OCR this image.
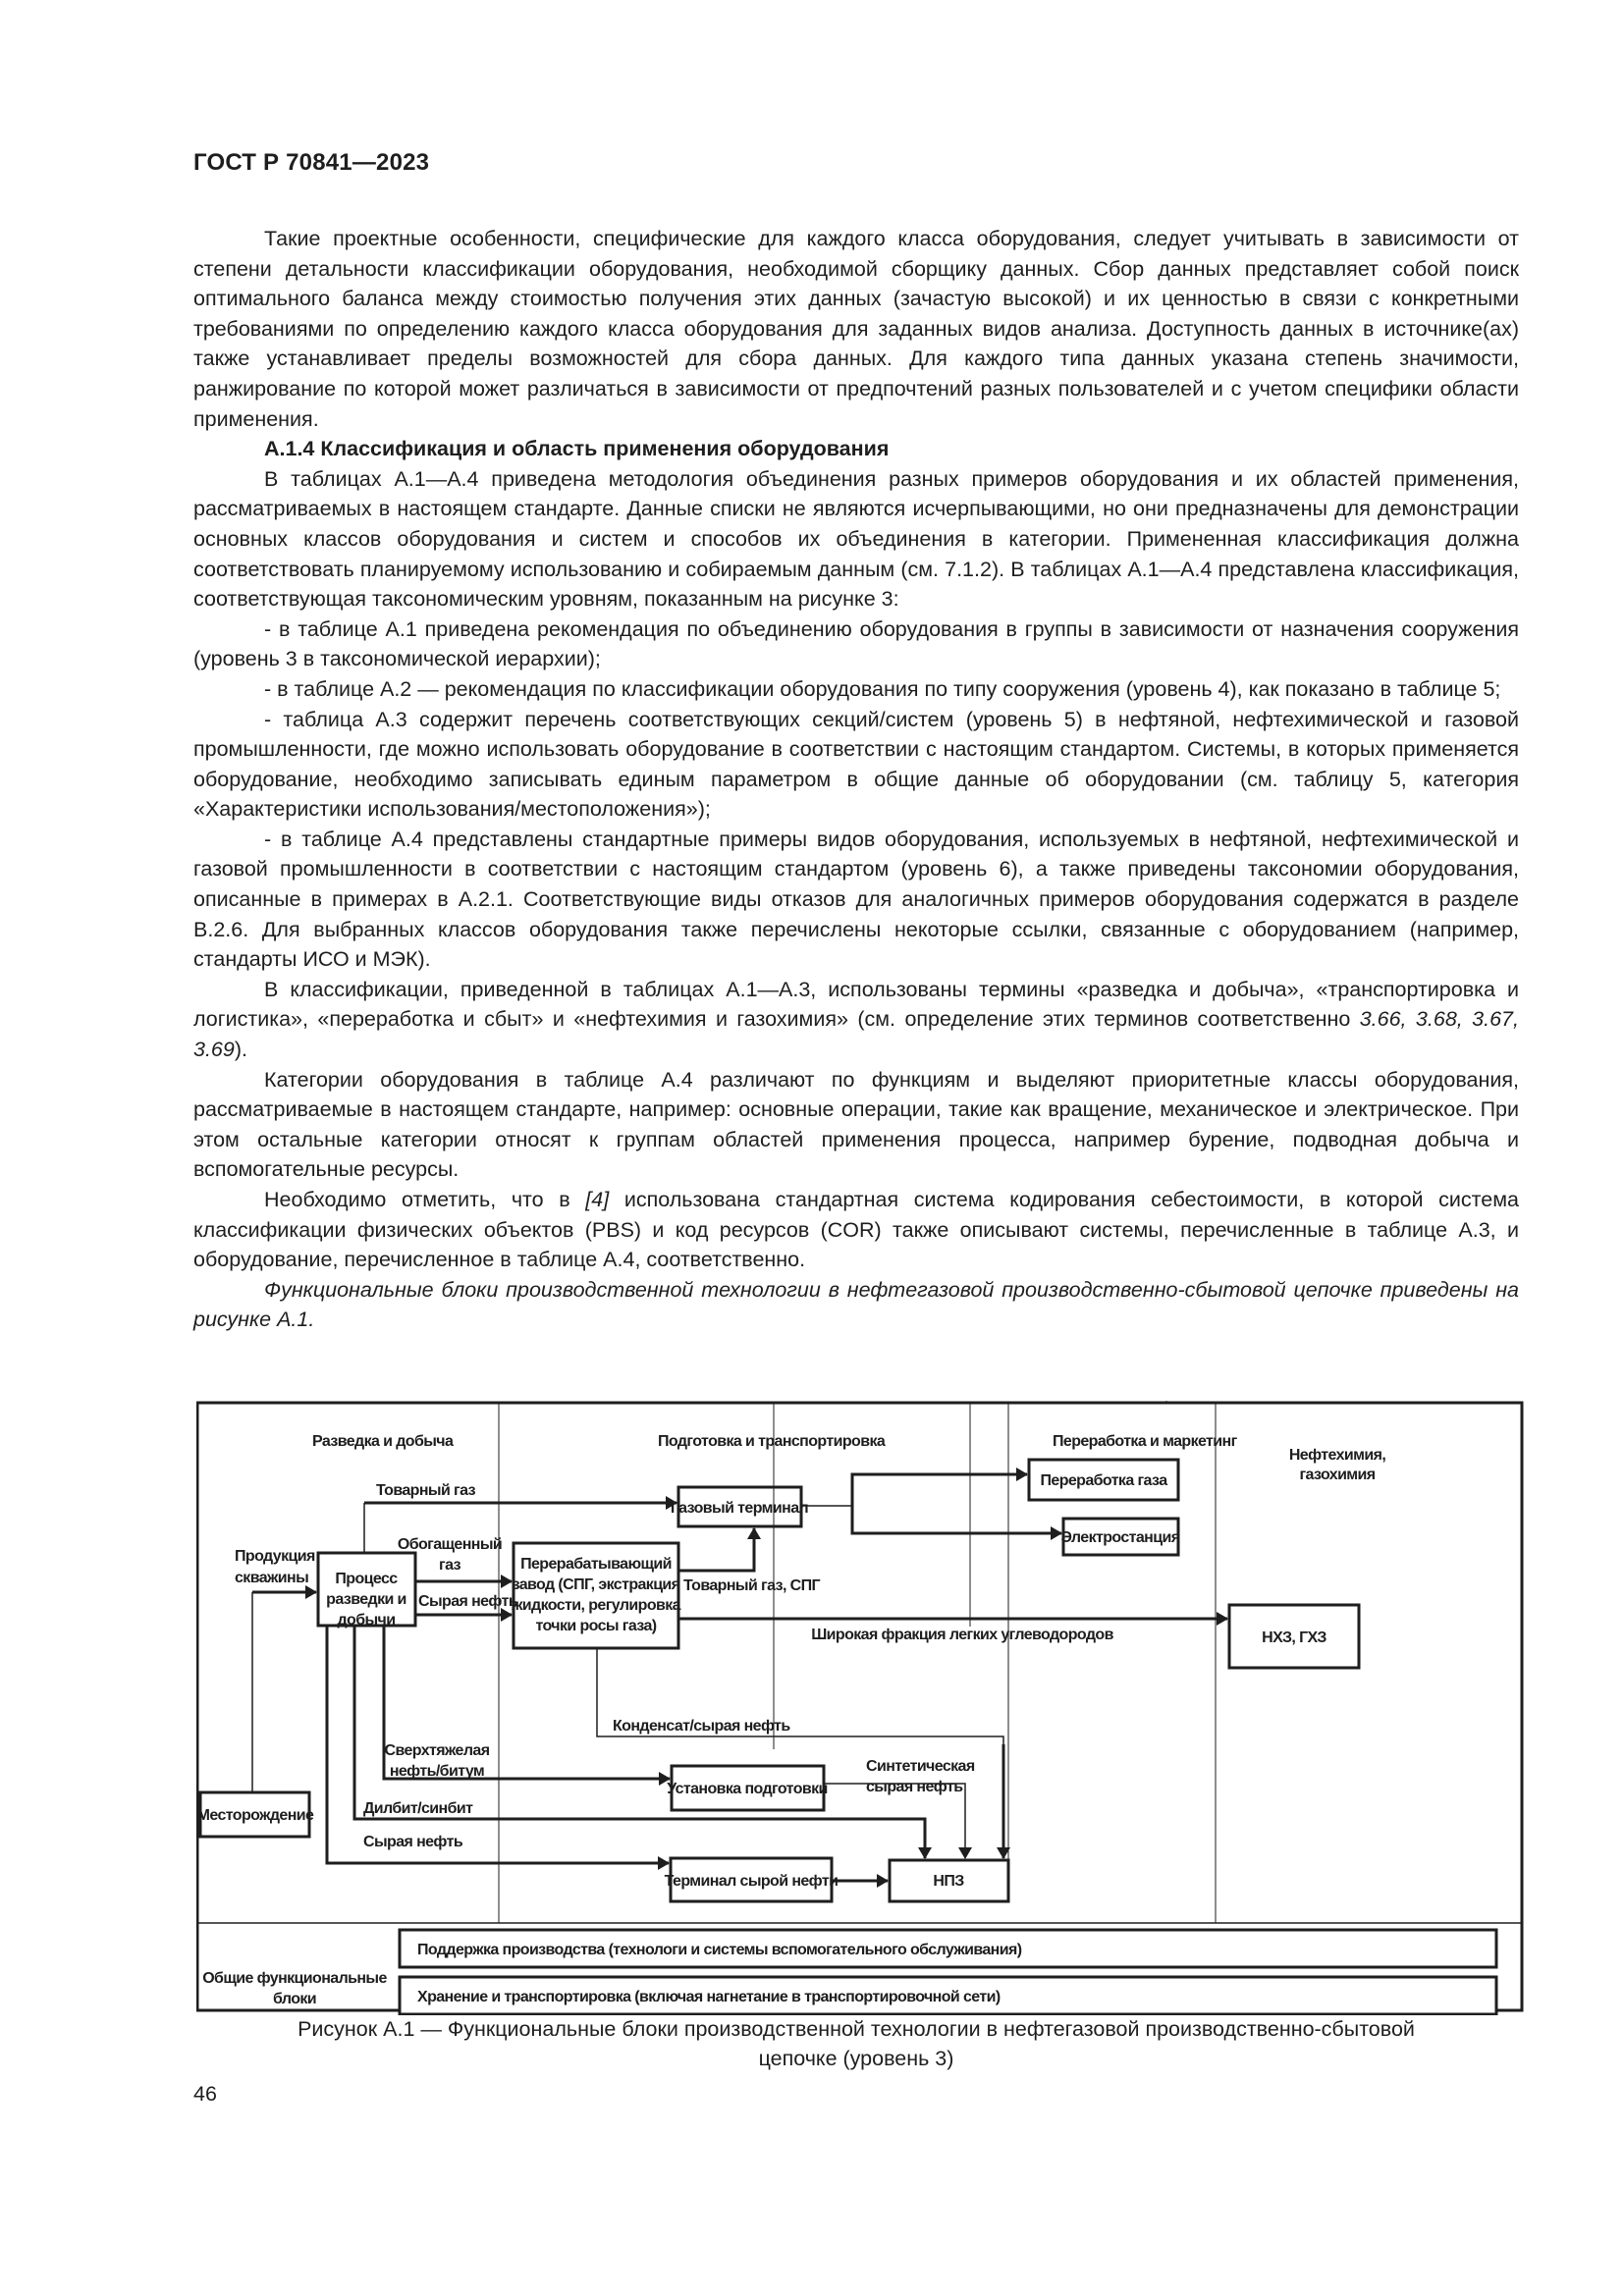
ГОСТ Р 70841—2023

Такие проектные особенности, специфические для каждого класса оборудования, следует учитывать в зависимости от степени детальности классификации оборудования, необходимой сборщику данных. Сбор данных представляет собой поиск оптимального баланса между стоимостью получения этих данных (зачастую высокой) и их ценностью в связи с конкретными требованиями по определению каждого класса оборудования для заданных видов анализа. Доступность данных в источнике(ах) также устанавливает пределы возможностей для сбора данных. Для каждого типа данных указана степень значимости, ранжирование по которой может различаться в зависимости от предпочтений разных пользователей и с учетом специфики области применения.

А.1.4 Классификация и область применения оборудования

В таблицах А.1—А.4 приведена методология объединения разных примеров оборудования и их областей применения, рассматриваемых в настоящем стандарте. Данные списки не являются исчерпывающими, но они предназначены для демонстрации основных классов оборудования и систем и способов их объединения в категории. Примененная классификация должна соответствовать планируемому использованию и собираемым данным (см. 7.1.2). В таблицах А.1—А.4 представлена классификация, соответствующая таксономическим уровням, показанным на рисунке 3:

- в таблице А.1 приведена рекомендация по объединению оборудования в группы в зависимости от назначения сооружения (уровень 3 в таксономической иерархии);

- в таблице А.2 — рекомендация по классификации оборудования по типу сооружения (уровень 4), как показано в таблице 5;

- таблица А.3 содержит перечень соответствующих секций/систем (уровень 5) в нефтяной, нефтехимической и газовой промышленности, где можно использовать оборудование в соответствии с настоящим стандартом. Системы, в которых применяется оборудование, необходимо записывать единым параметром в общие данные об оборудовании (см. таблицу 5, категория «Характеристики использования/местоположения»);

- в таблице А.4 представлены стандартные примеры видов оборудования, используемых в нефтяной, нефтехимической и газовой промышленности в соответствии с настоящим стандартом (уровень 6), а также приведены таксономии оборудования, описанные в примерах в А.2.1. Соответствующие виды отказов для аналогичных примеров оборудования содержатся в разделе В.2.6. Для выбранных классов оборудования также перечислены некоторые ссылки, связанные с оборудованием (например, стандарты ИСО и МЭК).

В классификации, приведенной в таблицах А.1—А.3, использованы термины «разведка и добыча», «транспортировка и логистика», «переработка и сбыт» и «нефтехимия и газохимия» (см. определение этих терминов соответственно 3.66, 3.68, 3.67, 3.69).

Категории оборудования в таблице А.4 различают по функциям и выделяют приоритетные классы оборудования, рассматриваемые в настоящем стандарте, например: основные операции, такие как вращение, механическое и электрическое. При этом остальные категории относят к группам областей применения процесса, например бурение, подводная добыча и вспомогательные ресурсы.

Необходимо отметить, что в [4] использована стандартная система кодирования себестоимости, в которой система классификации физических объектов (PBS) и код ресурсов (COR) также описывают системы, перечисленные в таблице А.3, и оборудование, перечисленное в таблице А.4, соответственно.

Функциональные блоки производственной технологии в нефтегазовой производственно-сбытовой цепочке приведены на рисунке А.1.

Разведка и добыча	Подготовка и транспортировка	Переработка и маркетинг
Нефтехимия,
газохимия
Процесс
разведки и
добычи
Перерабатывающий
завод (СПГ, экстракция
жидкости, регулировка
точки росы газа)
Газовый терминал
Переработка газа
Электростанция
НХЗ, ГХЗ
Месторождение
Установка подготовки
Терминал сырой нефти	НПЗ
Продукция
скважины
Товарный газ
Обогащенный
газ
Сырая нефть
Товарный газ, СПГ
Широкая фракция легких углеводородов
Конденсат/сырая нефть
Сверхтяжелая
нефть/битум	Синтетическая
сырая нефть
Дилбит/синбит
Сырая нефть
Общие функциональные
блоки
Поддержка производства (технологи и системы вспомогательного обслуживания)
Хранение и транспортировка (включая нагнетание в транспортировочной сети)
Рисунок А.1 — Функциональные блоки производственной технологии в нефтегазовой производственно-сбытовой
цепочке (уровень 3)
46
